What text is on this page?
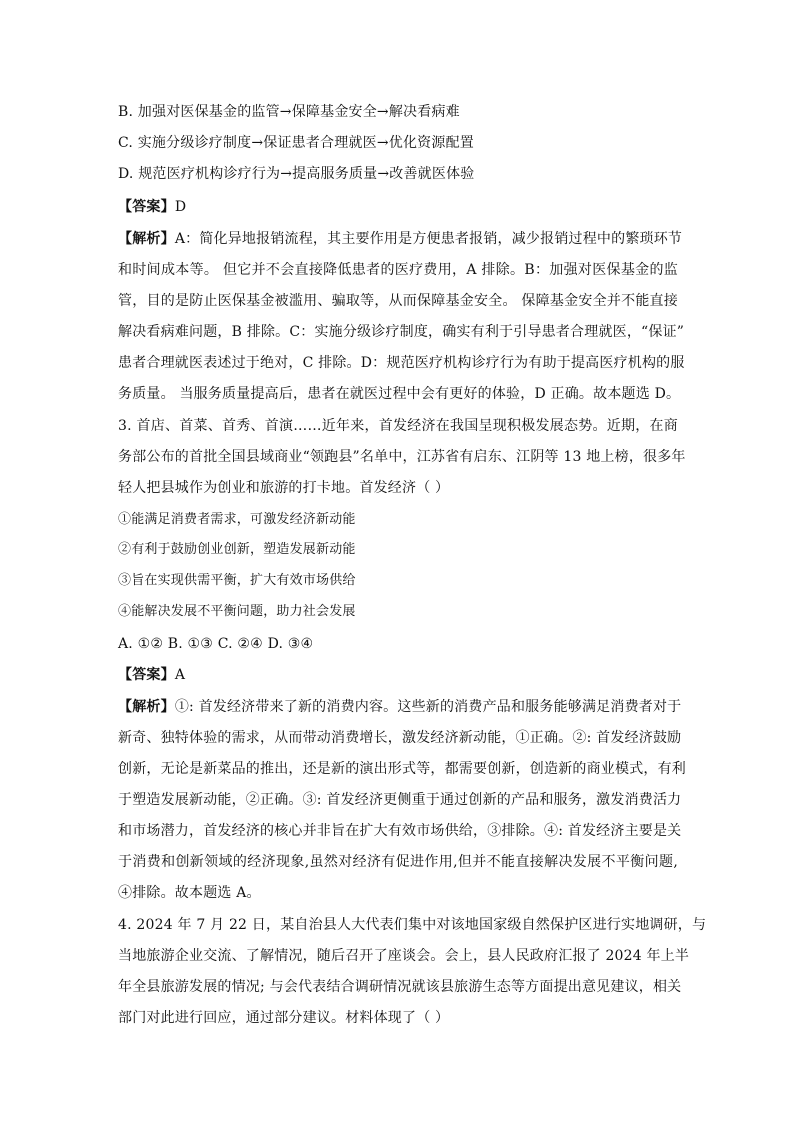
B. 加强对医保基金的监管→保障基金安全→解决看病难
C. 实施分级诊疗制度→保证患者合理就医→优化资源配置
D. 规范医疗机构诊疗行为→提高服务质量→改善就医体验
【答案】D
【解析】A：简化异地报销流程，其主要作用是方便患者报销，减少报销过程中的繁琐环节
和时间成本等。 但它并不会直接降低患者的医疗费用，A 排除。B：加强对医保基金的监
管，目的是防止医保基金被滥用、骗取等，从而保障基金安全。 保障基金安全并不能直接
解决看病难问题，B 排除。C：实施分级诊疗制度，确实有利于引导患者合理就医，“保证”
患者合理就医表述过于绝对，C 排除。D：规范医疗机构诊疗行为有助于提高医疗机构的服
务质量。 当服务质量提高后，患者在就医过程中会有更好的体验，D 正确。故本题选 D。
3. 首店、首菜、首秀、首演……近年来，首发经济在我国呈现积极发展态势。近期，在商
务部公布的首批全国县域商业“领跑县”名单中，江苏省有启东、江阴等 13 地上榜，很多年
轻人把县城作为创业和旅游的打卡地。首发经济（ ）
①能满足消费者需求，可激发经济新动能
②有利于鼓励创业创新，塑造发展新动能
③旨在实现供需平衡，扩大有效市场供给
④能解决发展不平衡问题，助力社会发展
A. ①② B. ①③ C. ②④ D. ③④
【答案】A
【解析】①: 首发经济带来了新的消费内容。这些新的消费产品和服务能够满足消费者对于
新奇、独特体验的需求，从而带动消费增长，激发经济新动能，①正确。②: 首发经济鼓励
创新，无论是新菜品的推出，还是新的演出形式等，都需要创新，创造新的商业模式，有利
于塑造发展新动能，②正确。③: 首发经济更侧重于通过创新的产品和服务，激发消费活力
和市场潜力，首发经济的核心并非旨在扩大有效市场供给，③排除。④: 首发经济主要是关
于消费和创新领域的经济现象,虽然对经济有促进作用,但并不能直接解决发展不平衡问题,
④排除。故本题选 A。
4. 2024 年 7 月 22 日，某自治县人大代表们集中对该地国家级自然保护区进行实地调研，与
当地旅游企业交流、了解情况，随后召开了座谈会。会上，县人民政府汇报了 2024 年上半
年全县旅游发展的情况; 与会代表结合调研情况就该县旅游生态等方面提出意见建议，相关
部门对此进行回应，通过部分建议。材料体现了（ ）
